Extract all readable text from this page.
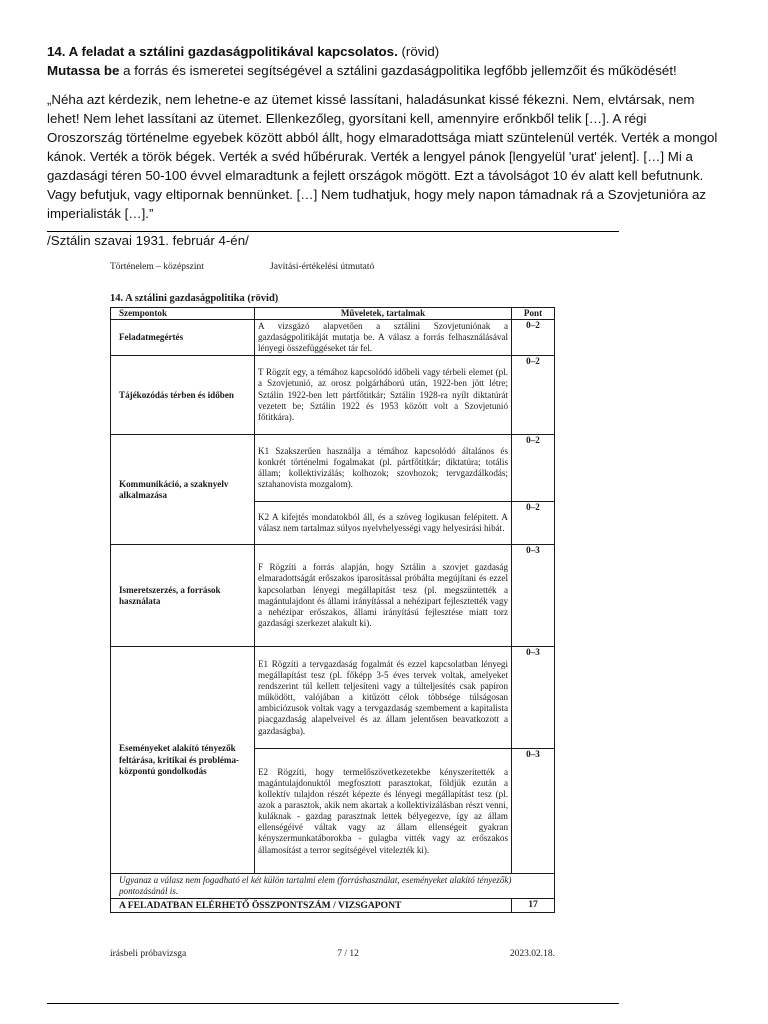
14. A feladat a sztálini gazdaságpolitikával kapcsolatos. (rövid)

Mutassa be a forrás és ismeretei segítségével a sztálini gazdaságpolitika legfőbb jellemzőit és működését!

„Néha azt kérdezik, nem lehetne-e az ütemet kissé lassítani, haladásunkat kissé fékezni. Nem, elvtársak, nem lehet! Nem lehet lassítani az ütemet. Ellenkezőleg, gyorsítani kell, amennyire erőnkből telik […]. A régi Oroszország történelme egyebek között abból állt, hogy elmaradottsága miatt szüntelenül verték. Verték a mongol kánok. Verték a török bégek. Verték a svéd hűbérurak. Verték a lengyel pánok [lengyelül 'urat' jelent]. […] Mi a gazdasági téren 50-100 évvel elmaradtunk a fejlett országok mögött. Ezt a távolságot 10 év alatt kell befutnunk. Vagy befutjuk, vagy eltipornak bennünket. […] Nem tudhatjuk, hogy mely napon támadnak rá a Szovjetunióra az imperialisták […].”

/Sztálin szavai 1931. február 4-én/

Történelem – középszint	Javítási-értékelési útmutató
14. A sztálini gazdaságpolitika (rövid)
Szempontok	Műveletek, tartalmak	Pont
Feladatmegértés	A vizsgázó alapvetően a sztálini Szovjetuniónak a gazdaságpolitikáját mutatja be. A válasz a forrás felhasználásával lényegi összefüggéseket tár fel.	0–2
Tájékozódás térben és időben	T Rögzít egy, a témához kapcsolódó időbeli vagy térbeli elemet (pl. a Szovjetunió, az orosz polgárháború után, 1922-ben jött létre; Sztálin 1922-ben lett pártfőtitkár; Sztálin 1928-ra nyílt diktatúrát vezetett be; Sztálin 1922 és 1953 között volt a Szovjetunió főtitkára).	0–2
Kommunikáció, a szaknyelv alkalmazása	K1 Szakszerűen használja a témához kapcsolódó általános és konkrét történelmi fogalmakat (pl. pártfőtitkár; diktatúra; totális állam; kollektivizálás; kolhozok; szovhozok; tervgazdálkodás; sztahanovista mozgalom).	0–2
	K2 A kifejtés mondatokból áll, és a szöveg logikusan felépített. A válasz nem tartalmaz súlyos nyelvhelyességi vagy helyesírási hibát.	0–2
Ismeretszerzés, a források használata	F Rögzíti a forrás alapján, hogy Sztálin a szovjet gazdaság elmaradottságát erőszakos iparosítással próbálta megújítani és ezzel kapcsolatban lényegi megállapítást tesz (pl. megszüntették a magántulajdont és állami irányítással a nehézipart fejlesztették vagy a nehézipar erőszakos, állami irányítású fejlesztése miatt torz gazdasági szerkezet alakult ki).	0–3
Eseményeket alakító tényezők feltárása, kritikai és probléma-központú gondolkodás	E1 Rögzíti a tervgazdaság fogalmát és ezzel kapcsolatban lényegi megállapítást tesz (pl. főképp 3-5 éves tervek voltak, amelyeket rendszerint túl kellett teljesíteni vagy a túlteljesítés csak papíron működött, valójában a kitűzött célok többsége túlságosan ambiciózusok voltak vagy a tervgazdaság szembement a kapitalista piacgazdaság alapelveivel és az állam jelentősen beavatkozott a gazdaságba).	0–3
	E2 Rögzíti, hogy termelőszövetkezetekbe kényszerítették a magántulajdonuktól megfosztott parasztokat, földjük ezután a kollektív tulajdon részét képezte és lényegi megállapítást tesz (pl. azok a parasztok, akik nem akartak a kollektivizálásban részt venni, kuláknak - gazdag parasztnak lettek bélyegezve, így az állam ellenségéivé váltak vagy az állam ellenségeit gyakran kényszermunkatáborokba - gulagba vitték vagy az erőszakos államosítást a terror segítségével vitelezték ki).	0–3
Ugyanaz a válasz nem fogadható el két külön tartalmi elem (forráshasználat, eseményeket alakító tényezők) pontozásánál is.		
A FELADATBAN ELÉRHETŐ ÖSSZPONTSZÁM / VIZSGAPONT		17
írásbeli próbavizsga	7 / 12	2023.02.18.
